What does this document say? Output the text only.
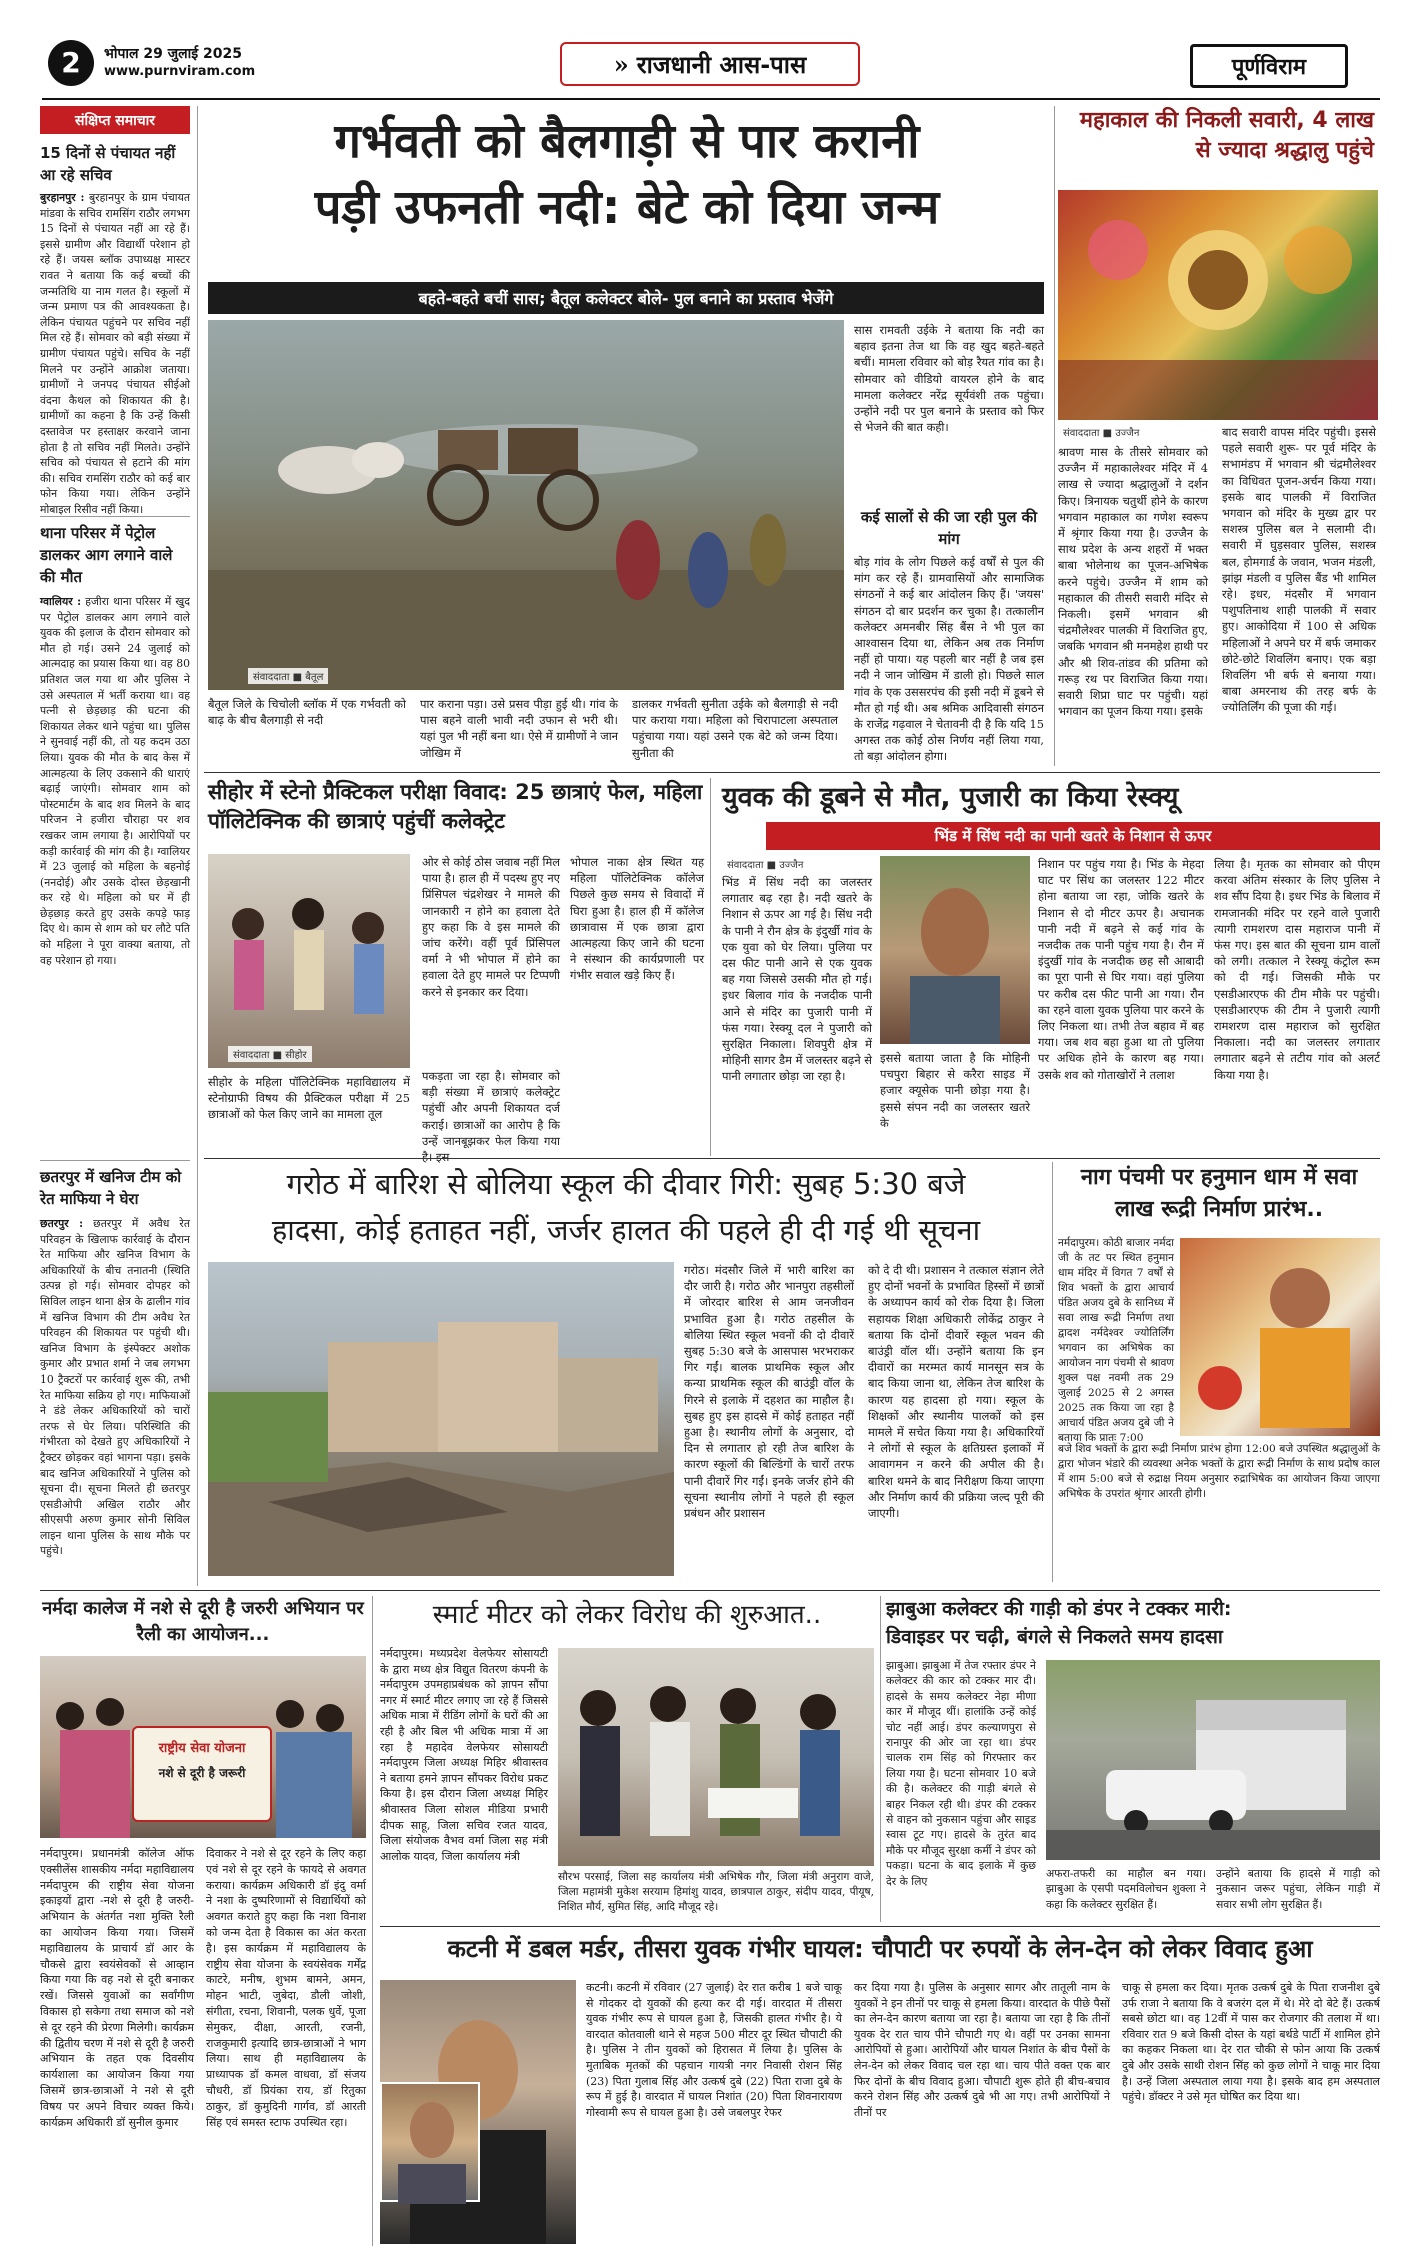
2	भोपाल 29 जुलाई 2025
www.purnviram.com	» राजधानी आस-पास	पूर्णविराम
संक्षिप्त समाचार
15 दिनों से पंचायत नहीं आ रहे सचिव
बुरहानपुर : बुरहानपुर के ग्राम पंचायत मांडवा के सचिव रामसिंग राठौर लगभग 15 दिनों से पंचायत नहीं आ रहे हैं। इससे ग्रामीण और विद्यार्थी परेशान हो रहे हैं। जयस ब्लॉक उपाध्यक्ष मास्टर रावत ने बताया कि कई बच्चों की जन्मतिथि या नाम गलत है। स्कूलों में जन्म प्रमाण पत्र की आवश्यकता है। लेकिन पंचायत पहुंचने पर सचिव नहीं मिल रहे हैं। सोमवार को बड़ी संख्या में ग्रामीण पंचायत पहुंचे। सचिव के नहीं मिलने पर उन्होंने आक्रोश जताया। ग्रामीणों ने जनपद पंचायत सीईओ वंदना कैथल को शिकायत की है। ग्रामीणों का कहना है कि उन्हें किसी दस्तावेज पर हस्ताक्षर करवाने जाना होता है तो सचिव नहीं मिलते। उन्होंने सचिव को पंचायत से हटाने की मांग की। सचिव रामसिंग राठौर को कई बार फोन किया गया। लेकिन उन्होंने मोबाइल रिसीव नहीं किया।
थाना परिसर में पेट्रोल डालकर आग लगाने वाले की मौत
ग्वालियर : हजीरा थाना परिसर में खुद पर पेट्रोल डालकर आग लगाने वाले युवक की इलाज के दौरान सोमवार को मौत हो गई। उसने 24 जुलाई को आत्मदाह का प्रयास किया था। वह 80 प्रतिशत जल गया था और पुलिस ने उसे अस्पताल में भर्ती कराया था। वह पत्नी से छेड़छाड़ की घटना की शिकायत लेकर थाने पहुंचा था। पुलिस ने सुनवाई नहीं की, तो यह कदम उठा लिया। युवक की मौत के बाद केस में आत्महत्या के लिए उकसाने की धाराएं बढ़ाई जाएंगी। सोमवार शाम को पोस्टमार्टम के बाद शव मिलने के बाद परिजन ने हजीरा चौराहा पर शव रखकर जाम लगाया है। आरोपियों पर कड़ी कार्रवाई की मांग की है। ग्वालियर में 23 जुलाई को महिला के बहनोई (ननदोई) और उसके दोस्त छेड़खानी कर रहे थे। महिला को घर में ही छेड़छाड़ करते हुए उसके कपड़े फाड़ दिए थे। काम से शाम को घर लौटे पति को महिला ने पूरा वाक्या बताया, तो वह परेशान हो गया।
छतरपुर में खनिज टीम को रेत माफिया ने घेरा
छतरपुर : छतरपुर में अवैध रेत परिवहन के खिलाफ कार्रवाई के दौरान रेत माफिया और खनिज विभाग के अधिकारियों के बीच तनातनी (स्थिति उत्पन्न हो गई। सोमवार दोपहर को सिविल लाइन थाना क्षेत्र के ढालीन गांव में खनिज विभाग की टीम अवैध रेत परिवहन की शिकायत पर पहुंची थी। खनिज विभाग के इंस्पेक्टर अशोक कुमार और प्रभात शर्मा ने जब लगभग 10 ट्रैक्टरों पर कार्रवाई शुरू की, तभी रेत माफिया सक्रिय हो गए। माफियाओं ने डंडे लेकर अधिकारियों को चारों तरफ से घेर लिया। परिस्थिति की गंभीरता को देखते हुए अधिकारियों ने ट्रैक्टर छोड़कर वहां भागना पड़ा। इसके बाद खनिज अधिकारियों ने पुलिस को सूचना दी। सूचना मिलते ही छतरपुर एसडीओपी अखिल राठौर और सीएसपी अरुण कुमार सोनी सिविल लाइन थाना पुलिस के साथ मौके पर पहुंचे।
गर्भवती को बैलगाड़ी से पार करानी
पड़ी उफनती नदी: बेटे को दिया जन्म
बहते-बहते बचीं सास; बैतूल कलेक्टर बोले- पुल बनाने का प्रस्ताव भेजेंगे
संवाददाता ■ बैतूल
बैतूल जिले के चिचोली ब्लॉक में एक गर्भवती को बाढ़ के बीच बैलगाड़ी से नदी
पार कराना पड़ा। उसे प्रसव पीड़ा हुई थी। गांव के पास बहने वाली भावी नदी उफान से भरी थी। यहां पुल भी नहीं बना था। ऐसे में ग्रामीणों ने जान जोखिम में
डालकर गर्भवती सुनीता उईके को बैलगाड़ी से नदी पार कराया गया। महिला को चिरापाटला अस्पताल पहुंचाया गया। यहां उसने एक बेटे को जन्म दिया। सुनीता की
सास रामवती उईके ने बताया कि नदी का बहाव इतना तेज था कि वह खुद बहते-बहते बचीं। मामला रविवार को बोड़ रैयत गांव का है। सोमवार को वीडियो वायरल होने के बाद मामला कलेक्टर नरेंद्र सूर्यवंशी तक पहुंचा। उन्होंने नदी पर पुल बनाने के प्रस्ताव को फिर से भेजने की बात कही।
कई सालों से की जा रही पुल की मांग
बोड़ गांव के लोग पिछले कई वर्षों से पुल की मांग कर रहे हैं। ग्रामवासियों और सामाजिक संगठनों ने कई बार आंदोलन किए हैं। 'जयस' संगठन दो बार प्रदर्शन कर चुका है। तत्कालीन कलेक्टर अमनबीर सिंह बैंस ने भी पुल का आश्वासन दिया था, लेकिन अब तक निर्माण नहीं हो पाया। यह पहली बार नहीं है जब इस नदी ने जान जोखिम में डाली हो। पिछले साल गांव के एक उससरपंच की इसी नदी में डूबने से मौत हो गई थी। अब श्रमिक आदिवासी संगठन के राजेंद्र गढ़वाल ने चेतावनी दी है कि यदि 15 अगस्त तक कोई ठोस निर्णय नहीं लिया गया, तो बड़ा आंदोलन होगा।
महाकाल की निकली सवारी, 4 लाख से ज्यादा श्रद्धालु पहुंचे
संवाददाता ■ उज्जैन
श्रावण मास के तीसरे सोमवार को उज्जैन में महाकालेश्वर मंदिर में 4 लाख से ज्यादा श्रद्धालुओं ने दर्शन किए। त्रिनायक चतुर्थी होने के कारण भगवान महाकाल का गणेश स्वरूप में श्रृंगार किया गया है। उज्जैन के साथ प्रदेश के अन्य शहरों में भक्त बाबा भोलेनाथ का पूजन-अभिषेक करने पहुंचे। उज्जैन में शाम को महाकाल की तीसरी सवारी मंदिर से निकली। इसमें भगवान श्री चंद्रमौलेश्वर पालकी में विराजित हुए, जबकि भगवान श्री मनमहेश हाथी पर और श्री शिव-तांडव की प्रतिमा को गरूड़ रथ पर विराजित किया गया। सवारी शिप्रा घाट पर पहुंची। यहां भगवान का पूजन किया गया। इसके
बाद सवारी वापस मंदिर पहुंची। इससे पहले सवारी शुरू- पर पूर्व मंदिर के सभामंडप में भगवान श्री चंद्रमौलेश्वर का विधिवत पूजन-अर्चन किया गया। इसके बाद पालकी में विराजित भगवान को मंदिर के मुख्य द्वार पर सशस्त्र पुलिस बल ने सलामी दी। सवारी में घुड़सवार पुलिस, सशस्त्र बल, होमगार्ड के जवान, भजन मंडली, झांझ मंडली व पुलिस बैंड भी शामिल रहे। इधर, मंदसौर में भगवान पशुपतिनाथ शाही पालकी में सवार हुए। आकोदिया में 100 से अधिक महिलाओं ने अपने घर में बर्फ जमाकर छोटे-छोटे शिवलिंग बनाए। एक बड़ा शिवलिंग भी बर्फ से बनाया गया। बाबा अमरनाथ की तरह बर्फ के ज्योतिर्लिंग की पूजा की गई।
सीहोर में स्टेनो प्रैक्टिकल परीक्षा विवाद: 25 छात्राएं फेल, महिला पॉलिटेक्निक की छात्राएं पहुंचीं कलेक्ट्रेट
संवाददाता ■ सीहोर
सीहोर के महिला पॉलिटेक्निक महाविद्यालय में स्टेनोग्राफी विषय की प्रैक्टिकल परीक्षा में 25 छात्राओं को फेल किए जाने का मामला तूल
ओर से कोई ठोस जवाब नहीं मिल पाया है। हाल ही में पदस्थ हुए नए प्रिंसिपल चंद्रशेखर ने मामले की जानकारी न होने का हवाला देते हुए कहा कि वे इस मामले की जांच करेंगे। वहीं पूर्व प्रिंसिपल वर्मा ने भी भोपाल में होने का हवाला देते हुए मामले पर टिप्पणी करने से इनकार कर दिया।
पकड़ता जा रहा है। सोमवार को बड़ी संख्या में छात्राएं कलेक्ट्रेट पहुंचीं और अपनी शिकायत दर्ज कराई। छात्राओं का आरोप है कि उन्हें जानबूझकर फेल किया गया
भोपाल नाका क्षेत्र स्थित यह महिला पॉलिटेक्निक कॉलेज पिछले कुछ समय से विवादों में घिरा हुआ है। हाल ही में कॉलेज छात्रावास में एक छात्रा द्वारा आत्महत्या किए जाने की घटना ने संस्थान की कार्यप्रणाली पर गंभीर सवाल खड़े किए हैं।
युवक की डूबने से मौत, पुजारी का किया रेस्क्यू
भिंड में सिंध नदी का पानी खतरे के निशान से ऊपर
संवाददाता ■ उज्जैन
भिंड में सिंध नदी का जलस्तर लगातार बढ़ रहा है। नदी खतरे के निशान से ऊपर आ गई है। सिंध नदी के पानी ने रौन क्षेत्र के इंदुर्खी गांव के एक युवा को घेर लिया। पुलिया पर दस फीट पानी आने से एक युवक बह गया जिससे उसकी मौत हो गई। इधर बिलाव गांव के नजदीक पानी आने से मंदिर का पुजारी पानी में फंस गया। रेस्क्यू दल ने पुजारी को सुरक्षित निकाला। शिवपुरी क्षेत्र में मोहिनी सागर डैम में जलस्तर बढ़ने से पानी लगातार छोड़ा जा रहा है।
इससे बताया जाता है कि मोहिनी पचपुरा बिहार से करैरा साइड में हजार क्यूसेक पानी छोड़ा गया है। इससे संपन नदी का जलस्तर खतरे के
निशान पर पहुंच गया है। भिंड के मेहदा घाट पर सिंध का जलस्तर 122 मीटर होना बताया जा रहा, जोकि खतरे के निशान से दो मीटर ऊपर है। अचानक पानी नदी में बढ़ने से कई गांव के नजदीक तक पानी पहुंच गया है। रौन में इंदुर्खी गांव के नजदीक छह सौ आबादी का पूरा पानी से घिर गया। वहां पुलिया पर करीब दस फीट पानी आ गया। रौन का रहने वाला युवक पुलिया पार करने के लिए निकला था। तभी तेज बहाव में बह गया। जब शव बहा हुआ था तो पुलिया पर अधिक होने के कारण बह गया। उसके शव को गोताखोरों ने तलाश
लिया है। मृतक का सोमवार को पीएम करवा अंतिम संस्कार के लिए पुलिस ने शव सौंप दिया है। इधर भिंड के बिलाव में रामजानकी मंदिर पर रहने वाले पुजारी त्यागी रामशरण दास महाराज पानी में फंस गए। इस बात की सूचना ग्राम वालों को लगी। तत्काल ने रेस्क्यू कंट्रोल रूम को दी गई। जिसकी मौके पर एसडीआरएफ की टीम मौके पर पहुंची। एसडीआरएफ की टीम ने पुजारी त्यागी रामशरण दास महाराज को सुरक्षित निकाला। नदी का जलस्तर लगातार लगातार बढ़ने से तटीय गांव को अलर्ट किया गया है।
गरोठ में बारिश से बोलिया स्कूल की दीवार गिरी: सुबह 5:30 बजे
हादसा, कोई हताहत नहीं, जर्जर हालत की पहले ही दी गई थी सूचना
गरोठ। मंदसौर जिले में भारी बारिश का दौर जारी है। गरोठ और भानपुरा तहसीलों में जोरदार बारिश से आम जनजीवन प्रभावित हुआ है। गरोठ तहसील के बोलिया स्थित स्कूल भवनों की दो दीवारें सुबह 5:30 बजे के आसपास भरभराकर गिर गईं। बालक प्राथमिक स्कूल और कन्या प्राथमिक स्कूल की बाउंड्री वॉल के गिरने से इलाके में दहशत का माहौल है। सुबह हुए इस हादसे में कोई हताहत नहीं हुआ है। स्थानीय लोगों के अनुसार, दो दिन से लगातार हो रही तेज बारिश के कारण स्कूलों की बिल्डिंगों के चारों तरफ पानी दीवारें गिर गईं। इनके जर्जर होने की सूचना स्थानीय लोगों ने पहले ही स्कूल प्रबंधन और प्रशासन
को दे दी थी। प्रशासन ने तत्काल संज्ञान लेते हुए दोनों भवनों के प्रभावित हिस्सों में छात्रों के अध्यापन कार्य को रोक दिया है। जिला सहायक शिक्षा अधिकारी लोकेंद्र ठाकुर ने बताया कि दोनों दीवारें स्कूल भवन की बाउंड्री वॉल थीं। उन्होंने बताया कि इन दीवारों का मरम्मत कार्य मानसून सत्र के बाद किया जाना था, लेकिन तेज बारिश के कारण यह हादसा हो गया। स्कूल के शिक्षकों और स्थानीय पालकों को इस मामले में सचेत किया गया है। अधिकारियों ने लोगों से स्कूल के क्षतिग्रस्त इलाकों में आवागमन न करने की अपील की है। बारिश थमने के बाद निरीक्षण किया जाएगा और निर्माण कार्य की प्रक्रिया जल्द पूरी की जाएगी।
नाग पंचमी पर हनुमान धाम में सवा लाख रूद्री निर्माण प्रारंभ..
नर्मदापुरम। कोठी बाजार नर्मदा जी के तट पर स्थित हनुमान धाम मंदिर में विगत 7 वर्षों से शिव भक्तों के द्वारा आचार्य पंडित अजय दुबे के सानिध्य में सवा लाख रूद्री निर्माण तथा द्वादश नर्मदेश्वर ज्योतिर्लिंग भगवान का अभिषेक का आयोजन नाग पंचमी से श्रावण शुक्ल पक्ष नवमी तक 29 जुलाई 2025 से 2 अगस्त 2025 तक किया जा रहा है आचार्य पंडित अजय दुबे जी ने बताया कि प्रातः 7:00
बजे शिव भक्तों के द्वारा रूद्री निर्माण प्रारंभ होगा 12:00 बजे उपस्थित श्रद्धालुओं के द्वारा भोजन भंडारे की व्यवस्था अनेक भक्तों के द्वारा रूद्री निर्माण के साथ प्रदोष काल में शाम 5:00 बजे से रुद्राक्ष नियम अनुसार रुद्राभिषेक का आयोजन किया जाएगा अभिषेक के उपरांत श्रृंगार आरती होगी।
नर्मदा कालेज में नशे से दूरी है जरुरी अभियान पर रैली का आयोजन...
राष्ट्रीय सेवा योजना
नशे से दूरी है जरूरी
नर्मदापुरम। प्रधानमंत्री कॉलेज ऑफ एक्सीलेंस शासकीय नर्मदा महाविद्यालय नर्मदापुरम की राष्ट्रीय सेवा योजना इकाइयों द्वारा -नशे से दूरी है जरुरी- अभियान के अंतर्गत नशा मुक्ति रैली का आयोजन किया गया। जिसमें महाविद्यालय के प्राचार्य डॉ आर के चौकसे द्वारा स्वयंसेवकों से आव्हान किया गया कि वह नशे से दूरी बनाकर रखें। जिससे युवाओं का सर्वांगीण विकास हो सकेगा तथा समाज को नशे से दूर रहने की प्रेरणा मिलेगी। कार्यक्रम की द्वितीय चरण में नशे से दूरी है जरुरी अभियान के तहत एक दिवसीय कार्यशाला का आयोजन किया गया जिसमें छात्र-छात्राओं ने नशे से दूरी विषय पर अपने विचार व्यक्त किये। कार्यक्रम अधिकारी डॉ सुनील कुमार
दिवाकर ने नशे से दूर रहने के लिए कहा एवं नशे से दूर रहने के फायदे से अवगत कराया। कार्यक्रम अधिकारी डॉ इंदु वर्मा ने नशा के दुष्परिणामों से विद्यार्थियों को अवगत कराते हुए कहा कि नशा विनाश को जन्म देता है विकास का अंत करता है। इस कार्यक्रम में महाविद्यालय के राष्ट्रीय सेवा योजना के स्वयंसेवक गर्मेंद्र काटरे, मनीष, शुभम बामने, अमन, मोहन भाटी, जुबेदा, डौली जोशी, संगीता, रचना, शिवानी, पलक धुर्वे, पूजा सेमुकर, दीक्षा, आरती, रजनी, राजकुमारी इत्यादि छात्र-छात्राओं ने भाग लिया। साथ ही महाविद्यालय के प्राध्यापक डॉ कमल वाधवा, डॉ संजय चौधरी, डॉ प्रियंका राय, डॉ रितुका ठाकुर, डॉ कुमुदिनी गार्गव, डॉ आरती सिंह एवं समस्त स्टाफ उपस्थित रहा।
स्मार्ट मीटर को लेकर विरोध की शुरुआत..
नर्मदापुरम। मध्यप्रदेश वेलफेयर सोसायटी के द्वारा मध्य क्षेत्र विद्युत वितरण कंपनी के नर्मदापुरम उपमहाप्रबंधक को ज्ञापन सौंपा नगर में स्मार्ट मीटर लगाए जा रहे हैं जिससे अधिक मात्रा में रीडिंग लोगों के घरों की आ रही है और बिल भी अधिक मात्रा में आ रहा है महादेव वेलफेयर सोसायटी नर्मदापुरम जिला अध्यक्ष मिहिर श्रीवास्तव ने बताया हमने ज्ञापन सौंपकर विरोध प्रकट किया है। इस दौरान जिला अध्यक्ष मिहिर श्रीवास्तव जिला सोशल मीडिया प्रभारी दीपक साहू, जिला सचिव रजत यादव, जिला संयोजक वैभव वर्मा जिला सह मंत्री आलोक यादव, जिला कार्यालय मंत्री
सौरभ परसाई, जिला सह कार्यालय मंत्री अभिषेक गौर, जिला मंत्री अनुराग वाजे, जिला महामंत्री मुकेश सरयाम हिमांशु यादव, छात्रपाल ठाकुर, संदीप यादव, पीयूष, निशित मौर्य, सुमित सिंह, आदि मौजूद रहे।
झाबुआ कलेक्टर की गाड़ी को डंपर ने टक्कर मारी:
डिवाइडर पर चढ़ी, बंगले से निकलते समय हादसा
झाबुआ। झाबुआ में तेज रफ्तार डंपर ने कलेक्टर की कार को टक्कर मार दी। हादसे के समय कलेक्टर नेहा मीणा कार में मौजूद थीं। हालांकि उन्हें कोई चोट नहीं आई। डंपर कल्याणपुरा से रानापुर की ओर जा रहा था। डंपर चालक राम सिंह को गिरफ्तार कर लिया गया है। घटना सोमवार 10 बजे की है। कलेक्टर की गाड़ी बंगले से बाहर निकल रही थी। डंपर की टक्कर से वाहन को नुकसान पहुंचा और साइड स्वास टूट गए। हादसे के तुरंत बाद मौके पर मौजूद सुरक्षा कर्मी ने डंपर को पकड़ा। घटना के बाद इलाके में कुछ देर के लिए
अफरा-तफरी का माहौल बन गया। झाबुआ के एसपी पदमविलोचन शुक्ला ने कहा कि कलेक्टर सुरक्षित हैं।
उन्होंने बताया कि हादसे में गाड़ी को नुकसान जरूर पहुंचा, लेकिन गाड़ी में सवार सभी लोग सुरक्षित हैं।
कटनी में डबल मर्डर, तीसरा युवक गंभीर घायल: चौपाटी पर रुपयों के लेन-देन को लेकर विवाद हुआ
कटनी। कटनी में रविवार (27 जुलाई) देर रात करीब 1 बजे चाकू से गोदकर दो युवकों की हत्या कर दी गई। वारदात में तीसरा युवक गंभीर रूप से घायल हुआ है, जिसकी हालत गंभीर है। ये वारदात कोतवाली थाने से महज 500 मीटर दूर स्थित चौपाटी की है। पुलिस ने तीन युवकों को हिरासत में लिया है। पुलिस के मुताबिक मृतकों की पहचान गायत्री नगर निवासी रोशन सिंह (23) पिता गुलाब सिंह और उत्कर्ष दुबे (22) पिता राजा दुबे के रूप में हुई है। वारदात में घायल निशांत (20) पिता शिवनारायण गोस्वामी रूप से घायल हुआ है। उसे जबलपुर रेफर
कर दिया गया है। पुलिस के अनुसार सागर और तातूली नाम के युवकों ने इन तीनों पर चाकू से हमला किया। वारदात के पीछे पैसों का लेन-देन कारण बताया जा रहा है। बताया जा रहा है कि तीनों युवक देर रात चाय पीने चौपाटी गए थे। वहीं पर उनका सामना आरोपियों से हुआ। आरोपियों और घायल निशांत के बीच पैसों के लेन-देन को लेकर विवाद चल रहा था। चाय पीते वक्त एक बार फिर दोनों के बीच विवाद हुआ। चौपाटी शुरू होते ही बीच-बचाव करने रोशन सिंह और उत्कर्ष दुबे भी आ गए। तभी आरोपियों ने तीनों पर
चाकू से हमला कर दिया। मृतक उत्कर्ष दुबे के पिता राजनीश दुबे उर्फ राजा ने बताया कि वे बजरंग दल में थे। मेरे दो बेटे हैं। उत्कर्ष सबसे छोटा था। वह 12वीं में पास कर रोजगार की तलाश में था। रविवार रात 9 बजे किसी दोस्त के यहां बर्थडे पार्टी में शामिल होने का कहकर निकला था। देर रात चौकी से फोन आया कि उत्कर्ष दुबे और उसके साथी रोशन सिंह को कुछ लोगों ने चाकू मार दिया है। उन्हें जिला अस्पताल लाया गया है। इसके बाद हम अस्पताल पहुंचे। डॉक्टर ने उसे मृत घोषित कर दिया था।
